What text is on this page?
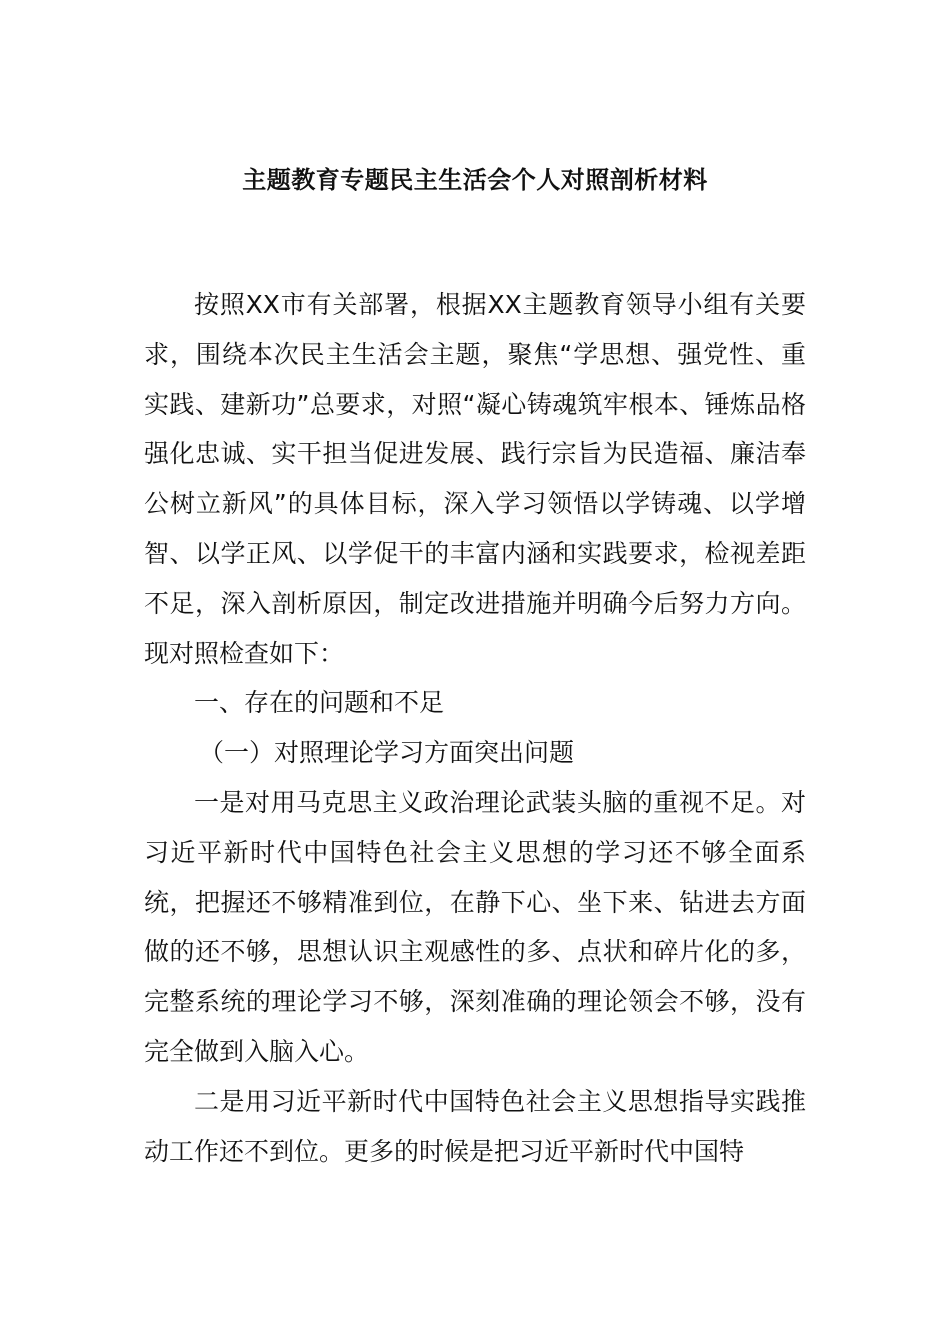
主题教育专题民主生活会个人对照剖析材料

按照XX市有关部署，根据XX主题教育领导小组有关要求，围绕本次民主生活会主题，聚焦“学思想、强党性、重实践、建新功”总要求，对照“凝心铸魂筑牢根本、锤炼品格强化忠诚、实干担当促进发展、践行宗旨为民造福、廉洁奉公树立新风”的具体目标，深入学习领悟以学铸魂、以学增智、以学正风、以学促干的丰富内涵和实践要求，检视差距不足，深入剖析原因，制定改进措施并明确今后努力方向。现对照检查如下：

一、存在的问题和不足

（一）对照理论学习方面突出问题

一是对用马克思主义政治理论武装头脑的重视不足。对习近平新时代中国特色社会主义思想的学习还不够全面系统，把握还不够精准到位，在静下心、坐下来、钻进去方面做的还不够，思想认识主观感性的多、点状和碎片化的多，完整系统的理论学习不够，深刻准确的理论领会不够，没有完全做到入脑入心。

二是用习近平新时代中国特色社会主义思想指导实践推动工作还不到位。更多的时候是把习近平新时代中国特
